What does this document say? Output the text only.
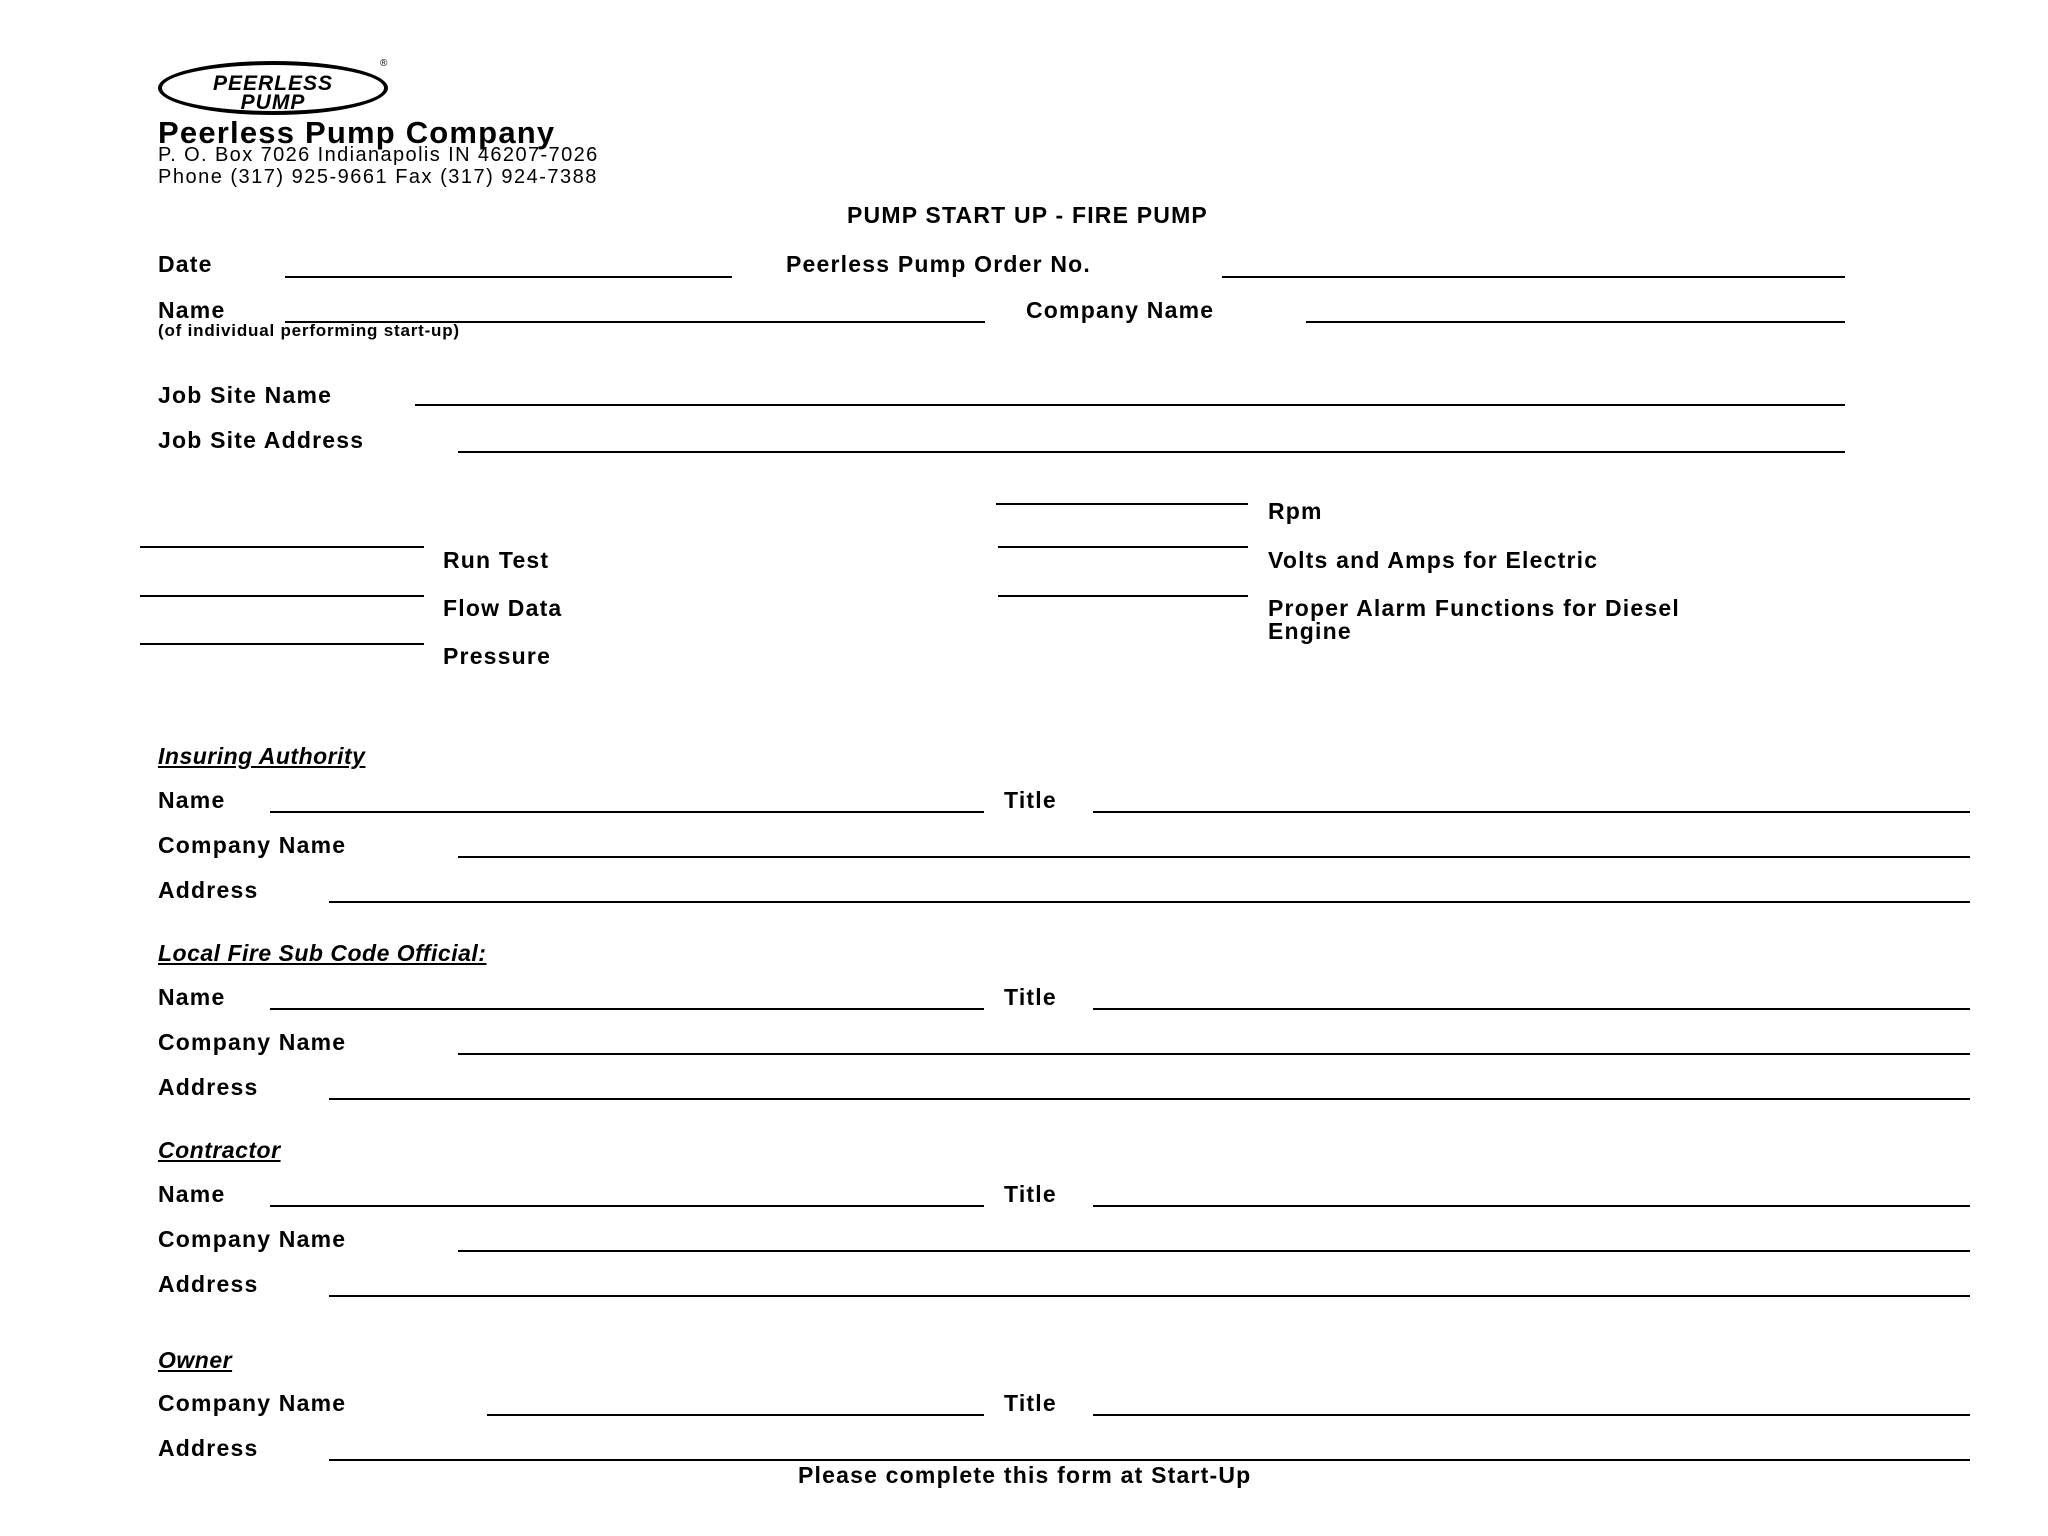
PEERLESS
PUMP
®
Peerless Pump Company
P. O. Box 7026 Indianapolis IN 46207-7026
Phone (317) 925-9661 Fax (317) 924-7388
PUMP START UP - FIRE PUMP
Date	Peerless Pump Order No.
Name
(of individual performing start-up)
Company Name
Job Site Name
Job Site Address
Run Test
Flow Data
Pressure
Rpm
Volts and Amps for Electric
Proper Alarm Functions for Diesel
Engine
Insuring Authority
Name	Title
Company Name
Address
Local Fire Sub Code Official:
Name	Title
Company Name
Address
Contractor
Name	Title
Company Name
Address
Owner
Company Name	Title
Address
Please complete this form at Start-Up
